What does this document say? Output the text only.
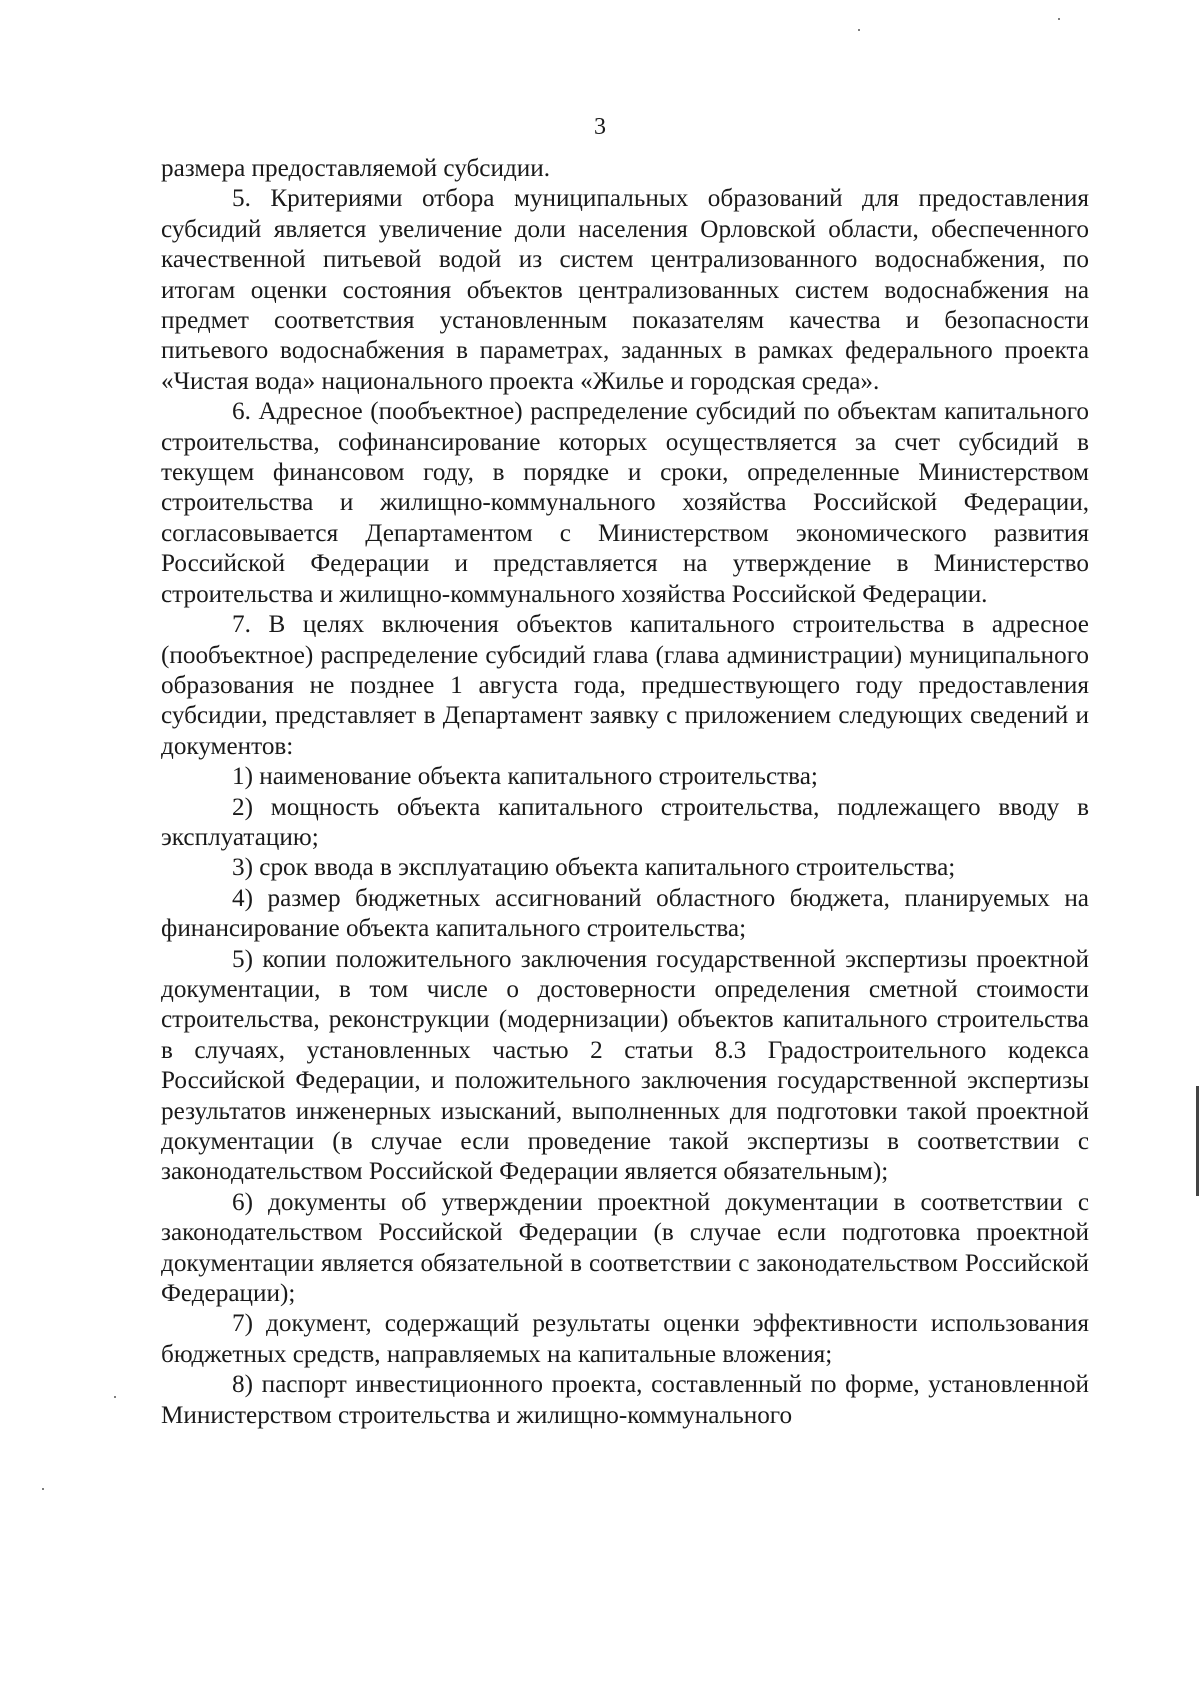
3

размера предоставляемой субсидии.

5. Критериями отбора муниципальных образований для предоставления субсидий является увеличение доли населения Орловской области, обеспеченного качественной питьевой водой из систем централизованного водоснабжения, по итогам оценки состояния объектов централизованных систем водоснабжения на предмет соответствия установленным показателям качества и безопасности питьевого водоснабжения в параметрах, заданных в рамках федерального проекта «Чистая вода» национального проекта «Жилье и городская среда».

6. Адресное (пообъектное) распределение субсидий по объектам капитального строительства, софинансирование которых осуществляется за счет субсидий в текущем финансовом году, в порядке и сроки, определенные Министерством строительства и жилищно-коммунального хозяйства Российской Федерации, согласовывается Департаментом с Министерством экономического развития Российской Федерации и представляется на утверждение в Министерство строительства и жилищно-коммунального хозяйства Российской Федерации.

7. В целях включения объектов капитального строительства в адресное (пообъектное) распределение субсидий глава (глава администрации) муниципального образования не позднее 1 августа года, предшествующего году предоставления субсидии, представляет в Департамент заявку с приложением следующих сведений и документов:

1) наименование объекта капитального строительства;

2) мощность объекта капитального строительства, подлежащего вводу в эксплуатацию;

3) срок ввода в эксплуатацию объекта капитального строительства;

4) размер бюджетных ассигнований областного бюджета, планируемых на финансирование объекта капитального строительства;

5) копии положительного заключения государственной экспертизы проектной документации, в том числе о достоверности определения сметной стоимости строительства, реконструкции (модернизации) объектов капитального строительства в случаях, установленных частью 2 статьи 8.3 Градостроительного кодекса Российской Федерации, и положительного заключения государственной экспертизы результатов инженерных изысканий, выполненных для подготовки такой проектной документации (в случае если проведение такой экспертизы в соответствии с законодательством Российской Федерации является обязательным);

6) документы об утверждении проектной документации в соответствии с законодательством Российской Федерации (в случае если подготовка проектной документации является обязательной в соответствии с законодательством Российской Федерации);

7) документ, содержащий результаты оценки эффективности использования бюджетных средств, направляемых на капитальные вложения;

8) паспорт инвестиционного проекта, составленный по форме, установленной Министерством строительства и жилищно-коммунального
